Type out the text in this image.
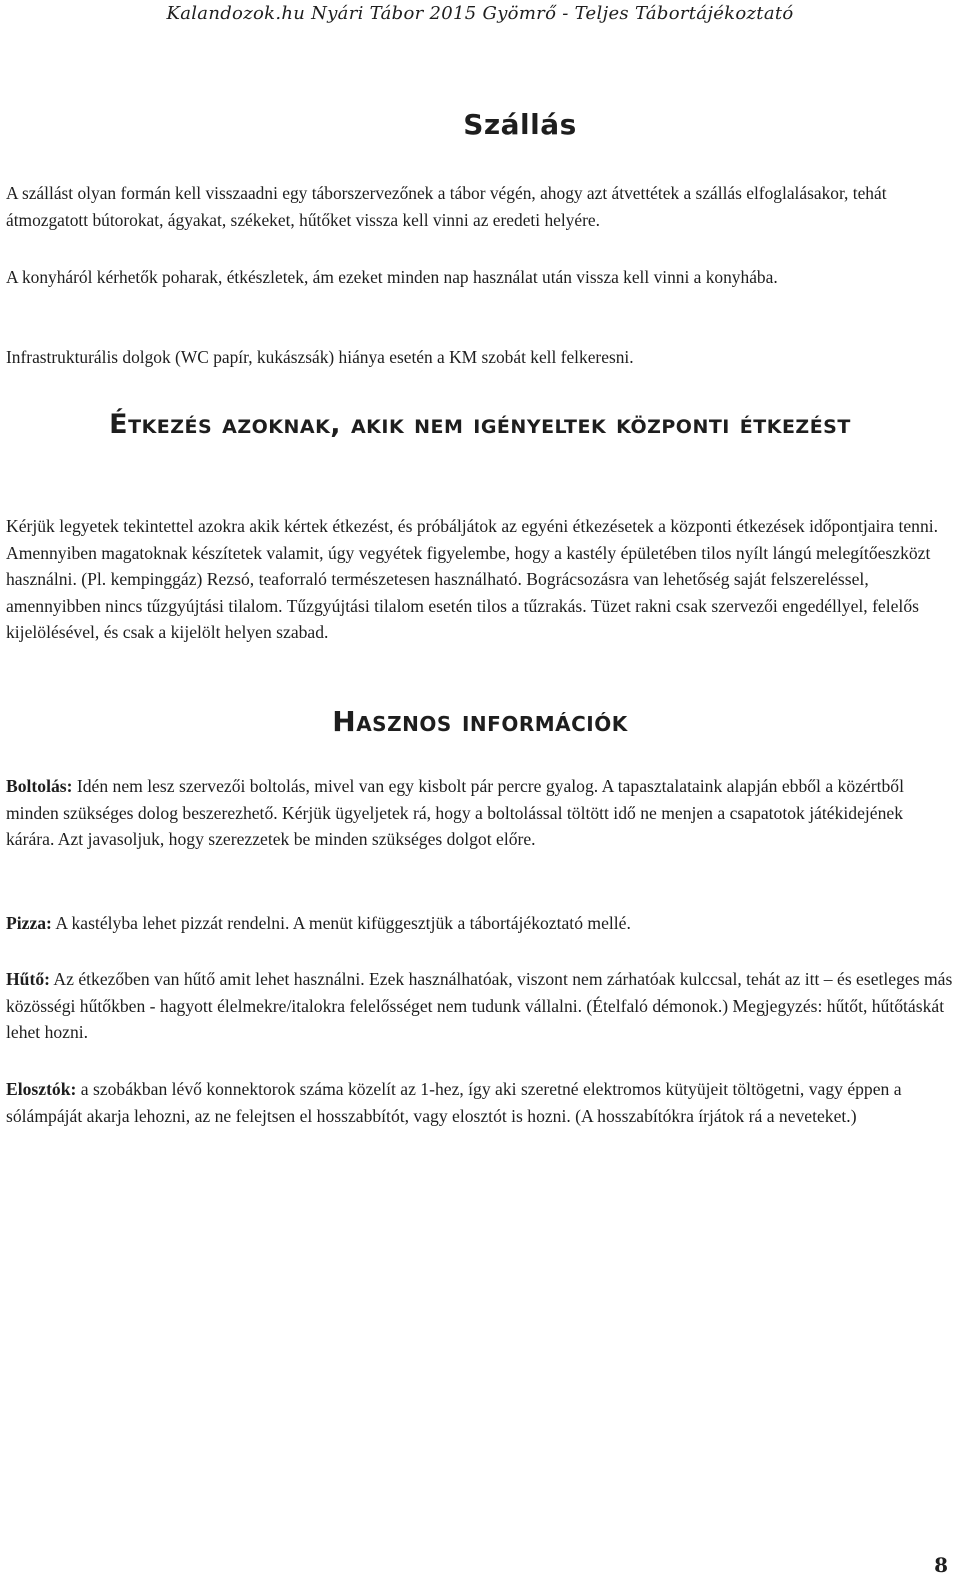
Kalandozok.hu Nyári Tábor 2015 Gyömrő - Teljes Tábortájékoztató
Szállás

A szállást olyan formán kell visszaadni egy táborszervezőnek a tábor végén, ahogy azt átvettétek a szállás elfoglalásakor, tehát átmozgatott bútorokat, ágyakat, székeket, hűtőket vissza kell vinni az eredeti helyére.

A konyháról kérhetők poharak, étkészletek, ám ezeket minden nap használat után vissza kell vinni a konyhába.

Infrastrukturális dolgok (WC papír, kukászsák) hiánya esetén a KM szobát kell felkeresni.

Étkezés azoknak, akik nem igényeltek központi étkezést

Kérjük legyetek tekintettel azokra akik kértek étkezést, és próbáljátok az egyéni étkezésetek a központi étkezések időpontjaira tenni. Amennyiben magatoknak készítetek valamit, úgy vegyétek figyelembe, hogy a kastély épületében tilos nyílt lángú melegítőeszközt használni. (Pl. kempinggáz) Rezsó, teaforraló természetesen használható. Bográcsozásra van lehetőség saját felszereléssel, amennyibben nincs tűzgyújtási tilalom. Tűzgyújtási tilalom esetén tilos a tűzrakás. Tüzet rakni csak szervezői engedéllyel, felelős kijelölésével, és csak a kijelölt helyen szabad.

Hasznos információk

Boltolás: Idén nem lesz szervezői boltolás, mivel van egy kisbolt pár percre gyalog. A tapasztalataink alapján ebből a közértből minden szükséges dolog beszerezhető. Kérjük ügyeljetek rá, hogy a boltolással töltött idő ne menjen a csapatotok játékidejének kárára. Azt javasoljuk, hogy szerezzetek be minden szükséges dolgot előre.

Pizza: A kastélyba lehet pizzát rendelni. A menüt kifüggesztjük a tábortájékoztató mellé.

Hűtő: Az étkezőben van hűtő amit lehet használni. Ezek használhatóak, viszont nem zárhatóak kulccsal, tehát az itt – és esetleges más közösségi hűtőkben - hagyott élelmekre/italokra felelősséget nem tudunk vállalni. (Ételfaló démonok.) Megjegyzés: hűtőt, hűtőtáskát lehet hozni.

Elosztók: a szobákban lévő konnektorok száma közelít az 1-hez, így aki szeretné elektromos kütyüjeit töltögetni, vagy éppen a sólámpáját akarja lehozni, az ne felejtsen el hosszabbítót, vagy elosztót is hozni. (A hosszabítókra írjátok rá a neveteket.)

8
